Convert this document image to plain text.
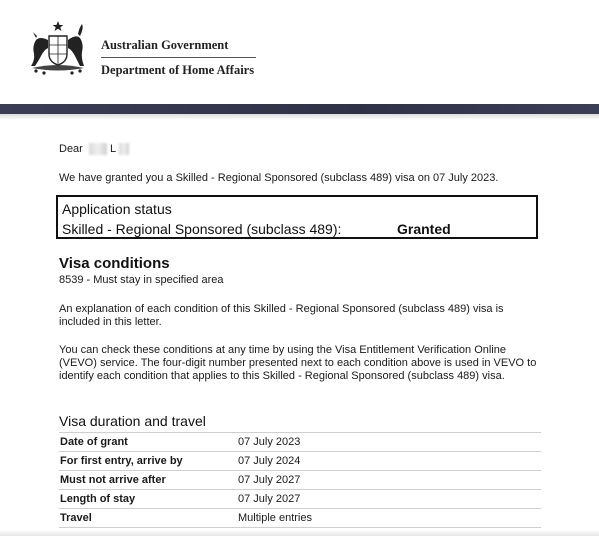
Australian Government
Department of Home Affairs
Dear L
We have granted you a Skilled - Regional Sponsored (subclass 489) visa on 07 July 2023.
Application status
Skilled - Regional Sponsored (subclass 489):	Granted
Visa conditions
8539 - Must stay in specified area
An explanation of each condition of this Skilled - Regional Sponsored (subclass 489) visa is included in this letter.
You can check these conditions at any time by using the Visa Entitlement Verification Online (VEVO) service. The four-digit number presented next to each condition above is used in VEVO to identify each condition that applies to this Skilled - Regional Sponsored (subclass 489) visa.
Visa duration and travel
Date of grant	07 July 2023
For first entry, arrive by	07 July 2024
Must not arrive after	07 July 2027
Length of stay	07 July 2027
Travel	Multiple entries
